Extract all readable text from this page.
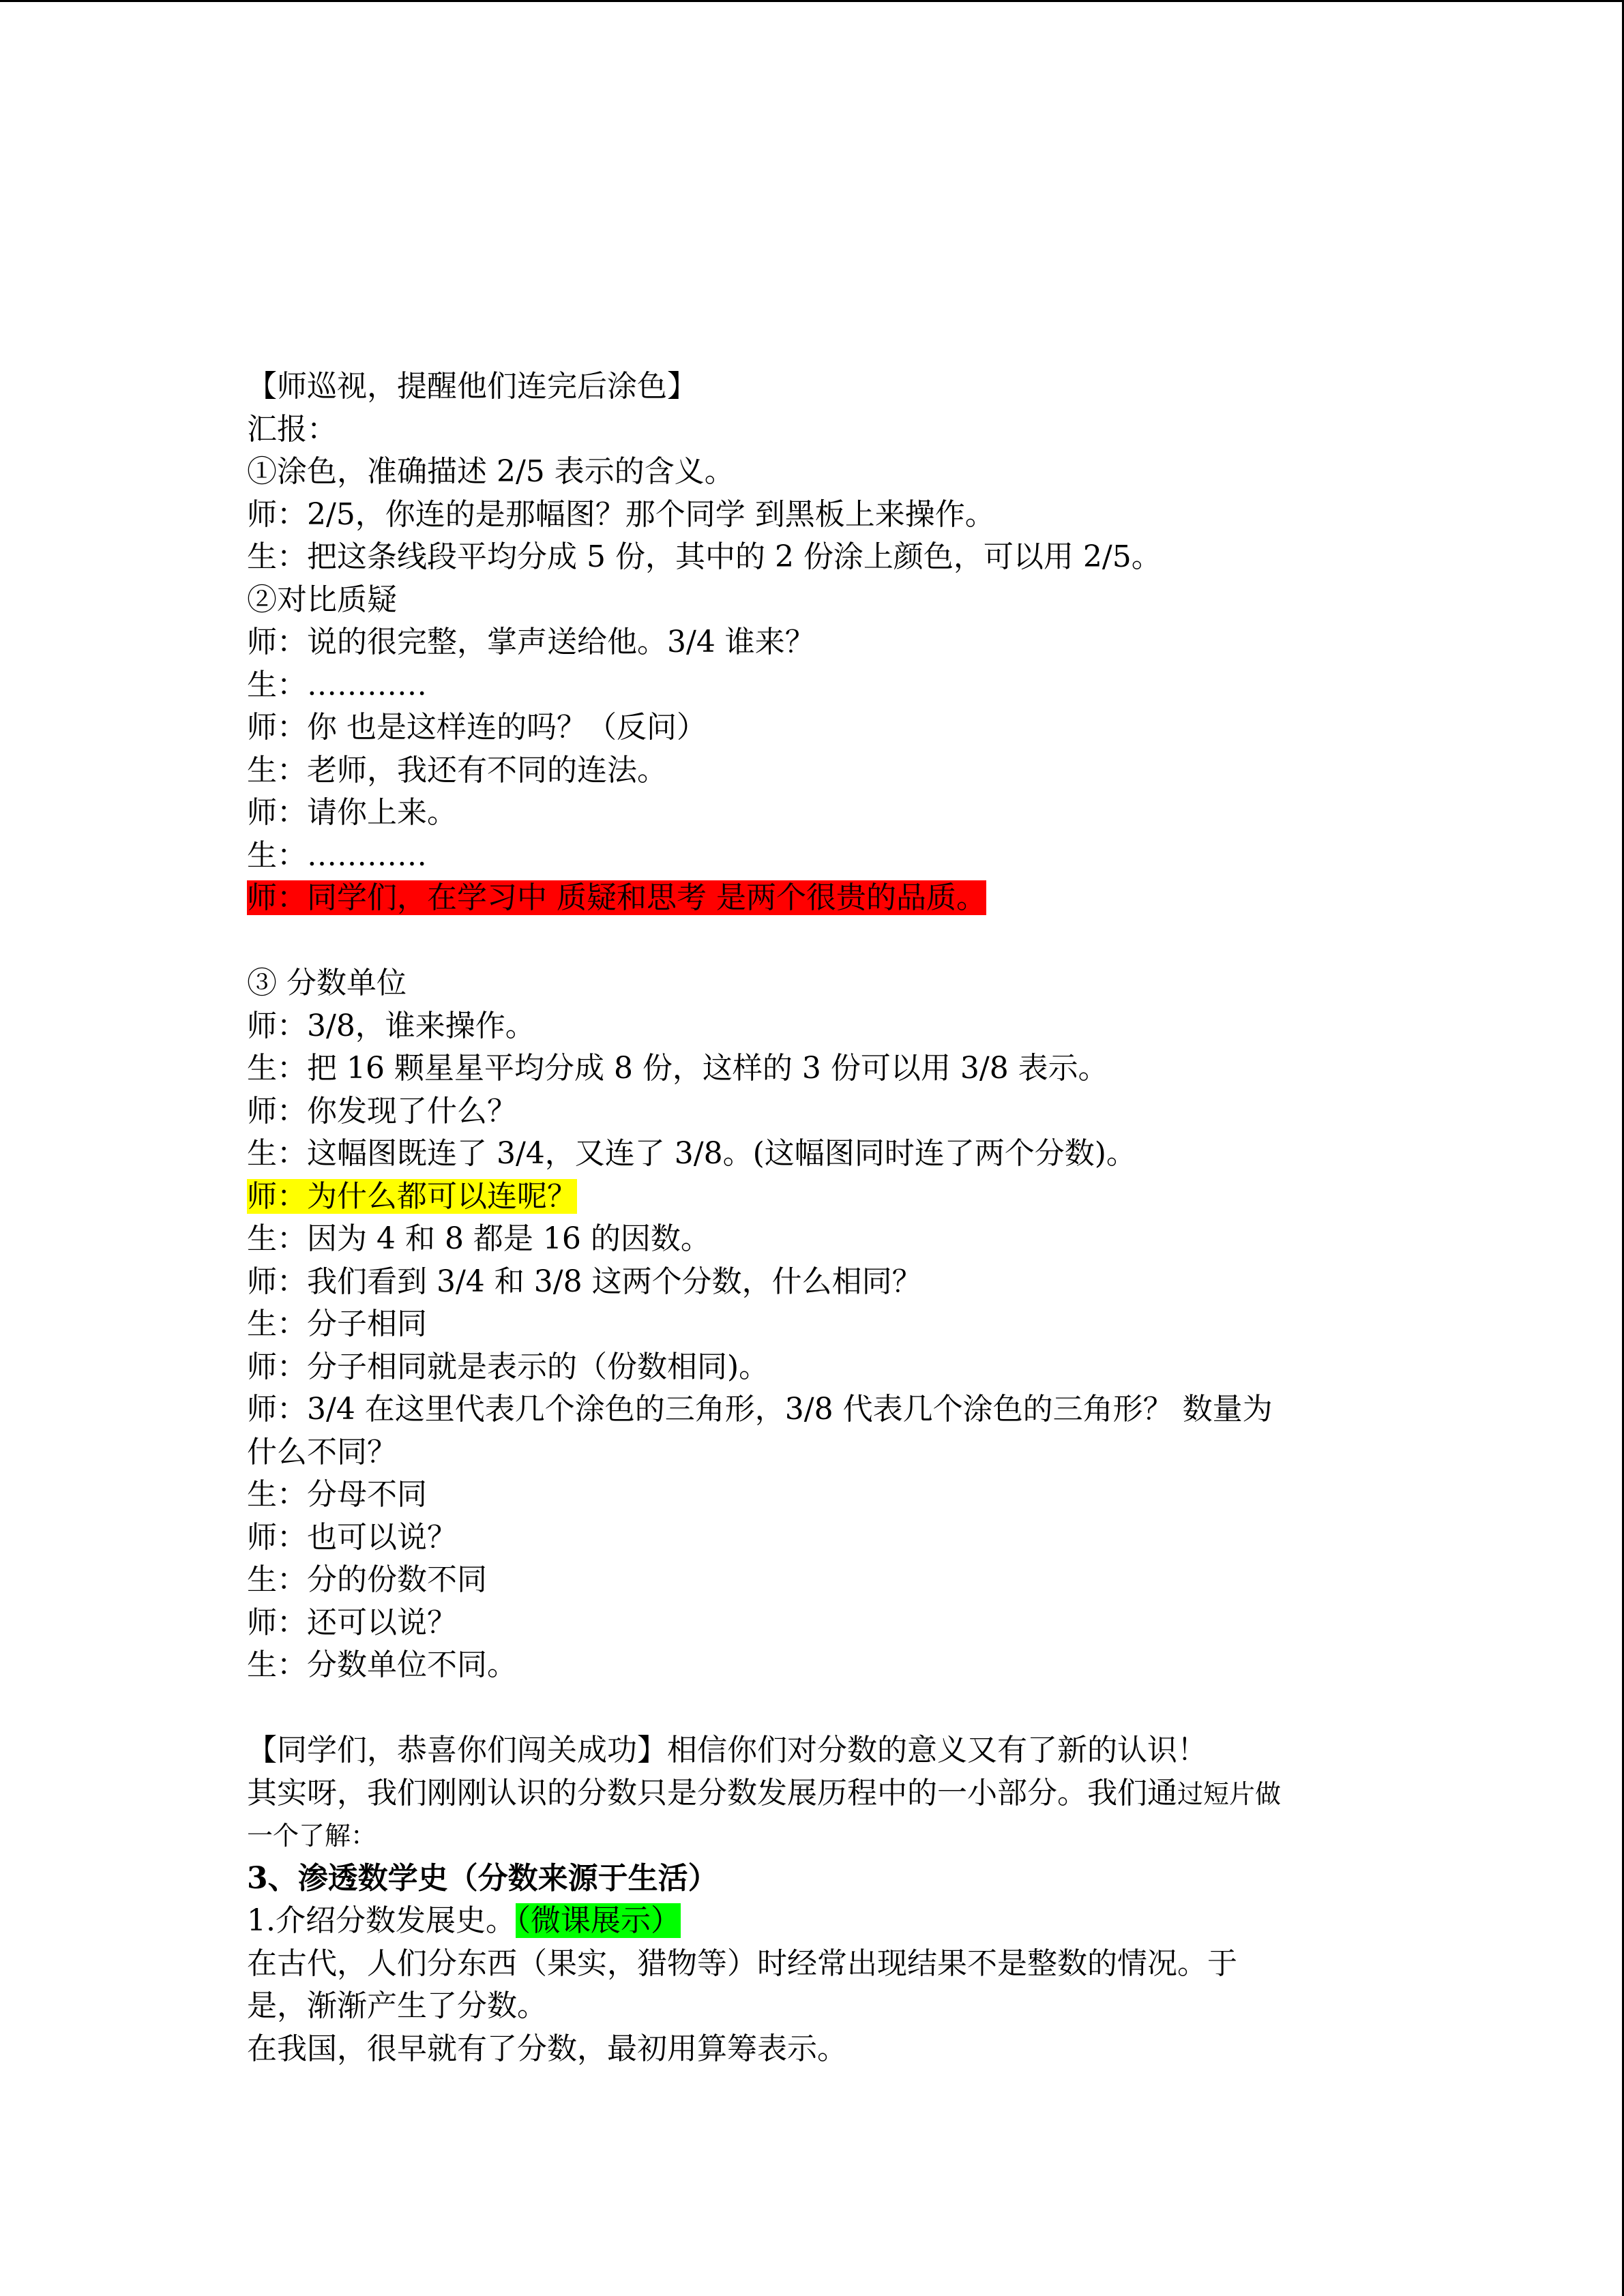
【师巡视，提醒他们连完后涂色】
汇报：
①涂色，准确描述 2/5 表示的含义。
师：2/5，你连的是那幅图？那个同学 到黑板上来操作。
生：把这条线段平均分成 5 份，其中的 2 份涂上颜色，可以用 2/5。
②对比质疑
师：说的很完整，掌声送给他。3/4 谁来？
生：…………
师：你 也是这样连的吗？（反问）
生：老师，我还有不同的连法。
师：请你上来。
生：…………
师：同学们，在学习中 质疑和思考 是两个很贵的品质。
③ 分数单位
师：3/8，谁来操作。
生：把 16 颗星星平均分成 8 份，这样的 3 份可以用 3/8 表示。
师：你发现了什么？
生：这幅图既连了 3/4，又连了 3/8。(这幅图同时连了两个分数)。
师：为什么都可以连呢？
生：因为 4 和 8 都是 16 的因数。
师：我们看到 3/4 和 3/8 这两个分数，什么相同？
生：分子相同
师：分子相同就是表示的（份数相同)。
师：3/4 在这里代表几个涂色的三角形，3/8 代表几个涂色的三角形？ 数量为
什么不同？
生：分母不同
师：也可以说？
生：分的份数不同
师：还可以说？
生：分数单位不同。
【同学们，恭喜你们闯关成功】相信你们对分数的意义又有了新的认识！
其实呀，我们刚刚认识的分数只是分数发展历程中的一小部分。我们通过短片做
一个了解：
3、渗透数学史（分数来源于生活）
1.介绍分数发展史。（微课展示）
在古代，人们分东西（果实，猎物等）时经常出现结果不是整数的情况。于
是，渐渐产生了分数。
在我国，很早就有了分数，最初用算筹表示。
